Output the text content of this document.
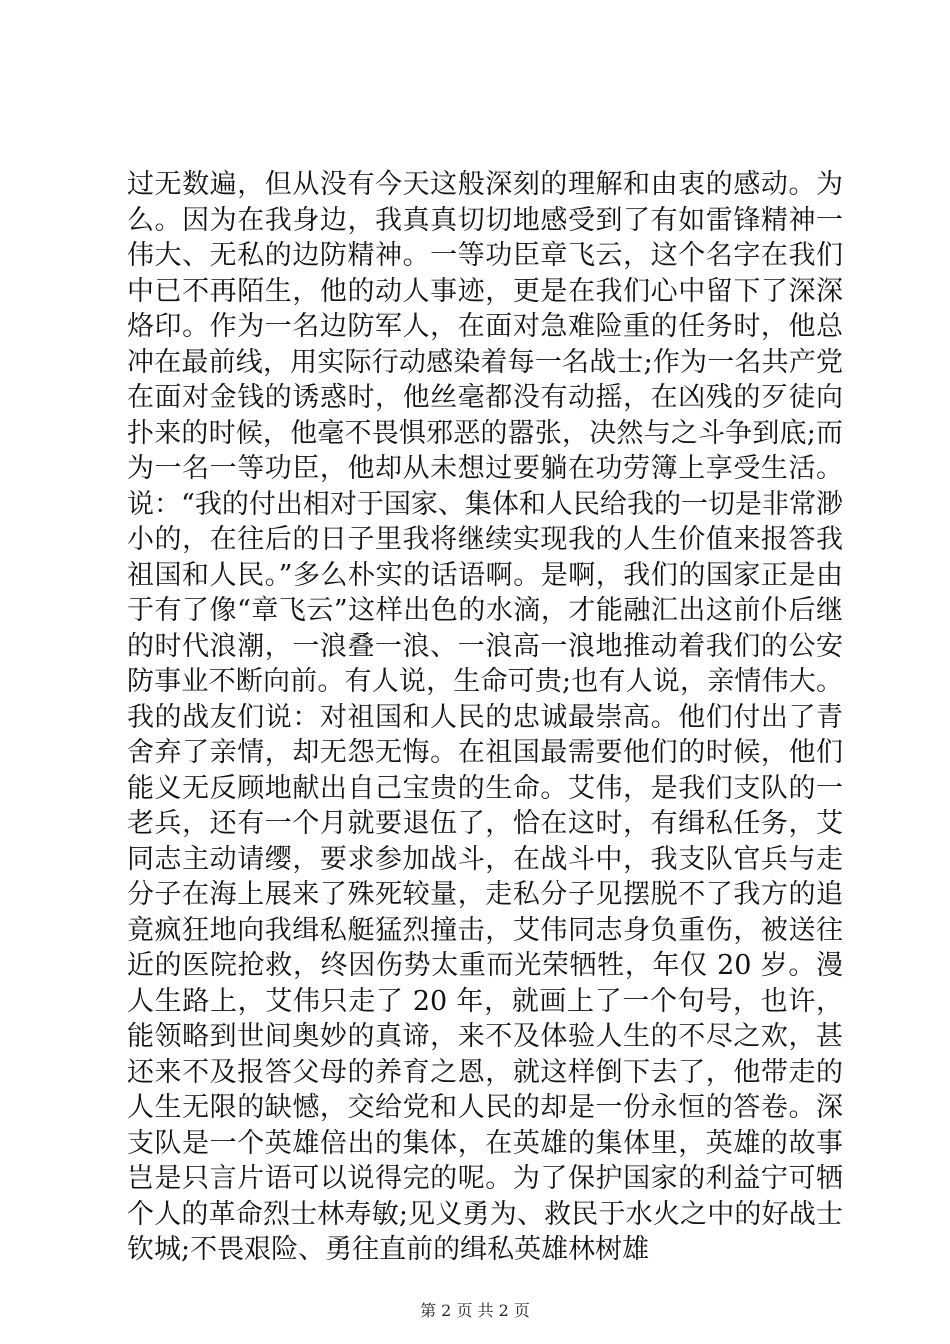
过无数遍，但从没有今天这般深刻的理解和由衷的感动。为
么。因为在我身边，我真真切切地感受到了有如雷锋精神一
伟大、无私的边防精神。一等功臣章飞云，这个名字在我们
中已不再陌生，他的动人事迹，更是在我们心中留下了深深
烙印。作为一名边防军人，在面对急难险重的任务时，他总
冲在最前线，用实际行动感染着每一名战士;作为一名共产党
在面对金钱的诱惑时，他丝毫都没有动摇，在凶残的歹徒向
扑来的时候，他毫不畏惧邪恶的嚣张，决然与之斗争到底;而
为一名一等功臣，他却从未想过要躺在功劳簿上享受生活。
说：“我的付出相对于国家、集体和人民给我的一切是非常渺
小的，在往后的日子里我将继续实现我的人生价值来报答我
祖国和人民。”多么朴实的话语啊。是啊，我们的国家正是由
于有了像“章飞云”这样出色的水滴，才能融汇出这前仆后继
的时代浪潮，一浪叠一浪、一浪高一浪地推动着我们的公安
防事业不断向前。有人说，生命可贵;也有人说，亲情伟大。
我的战友们说：对祖国和人民的忠诚最崇高。他们付出了青
舍弃了亲情，却无怨无悔。在祖国最需要他们的时候，他们
能义无反顾地献出自己宝贵的生命。艾伟，是我们支队的一
老兵，还有一个月就要退伍了，恰在这时，有缉私任务，艾
同志主动请缨，要求参加战斗，在战斗中，我支队官兵与走
分子在海上展来了殊死较量，走私分子见摆脱不了我方的追
竟疯狂地向我缉私艇猛烈撞击，艾伟同志身负重伤，被送往
近的医院抢救，终因伤势太重而光荣牺牲，年仅 20 岁。漫
人生路上，艾伟只走了 20 年，就画上了一个句号，也许，
能领略到世间奥妙的真谛，来不及体验人生的不尽之欢，甚
还来不及报答父母的养育之恩，就这样倒下去了，他带走的
人生无限的缺憾，交给党和人民的却是一份永恒的答卷。深
支队是一个英雄倍出的集体，在英雄的集体里，英雄的故事
岂是只言片语可以说得完的呢。为了保护国家的利益宁可牺
个人的革命烈士林寿敏;见义勇为、救民于水火之中的好战士
钦城;不畏艰险、勇往直前的缉私英雄林树雄
第 2 页 共 2 页
